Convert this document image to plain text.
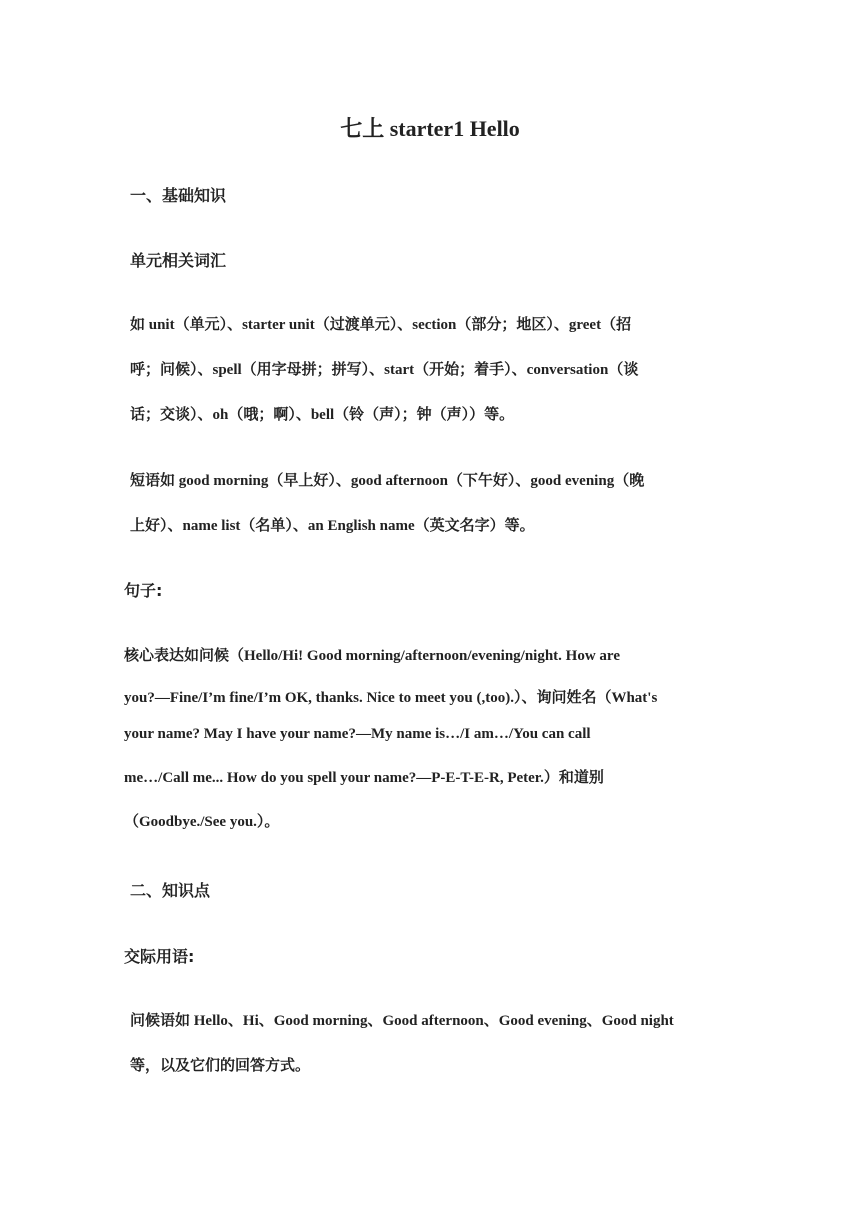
七上 starter1 Hello
一、基础知识
单元相关词汇
如 unit（单元）、starter unit（过渡单元）、section（部分；地区）、greet（招
呼；问候）、spell（用字母拼；拼写）、start（开始；着手）、conversation（谈
话；交谈）、oh（哦；啊）、bell（铃（声）；钟（声））等。
短语如 good morning（早上好）、good afternoon（下午好）、good evening（晚
上好）、name list（名单）、an English name（英文名字）等。
句子:
核心表达如问候（Hello/Hi! Good morning/afternoon/evening/night. How are
you?—Fine/I’m fine/I’m OK, thanks. Nice to meet you (,too).）、询问姓名（What's
your name? May I have your name?—My name is…/I am…/You can call
me…/Call me... How do you spell your name?—P-E-T-E-R, Peter.）和道别
（Goodbye./See you.）。
二、知识点
交际用语:
问候语如 Hello、Hi、Good morning、Good afternoon、Good evening、Good night
等，以及它们的回答方式。
